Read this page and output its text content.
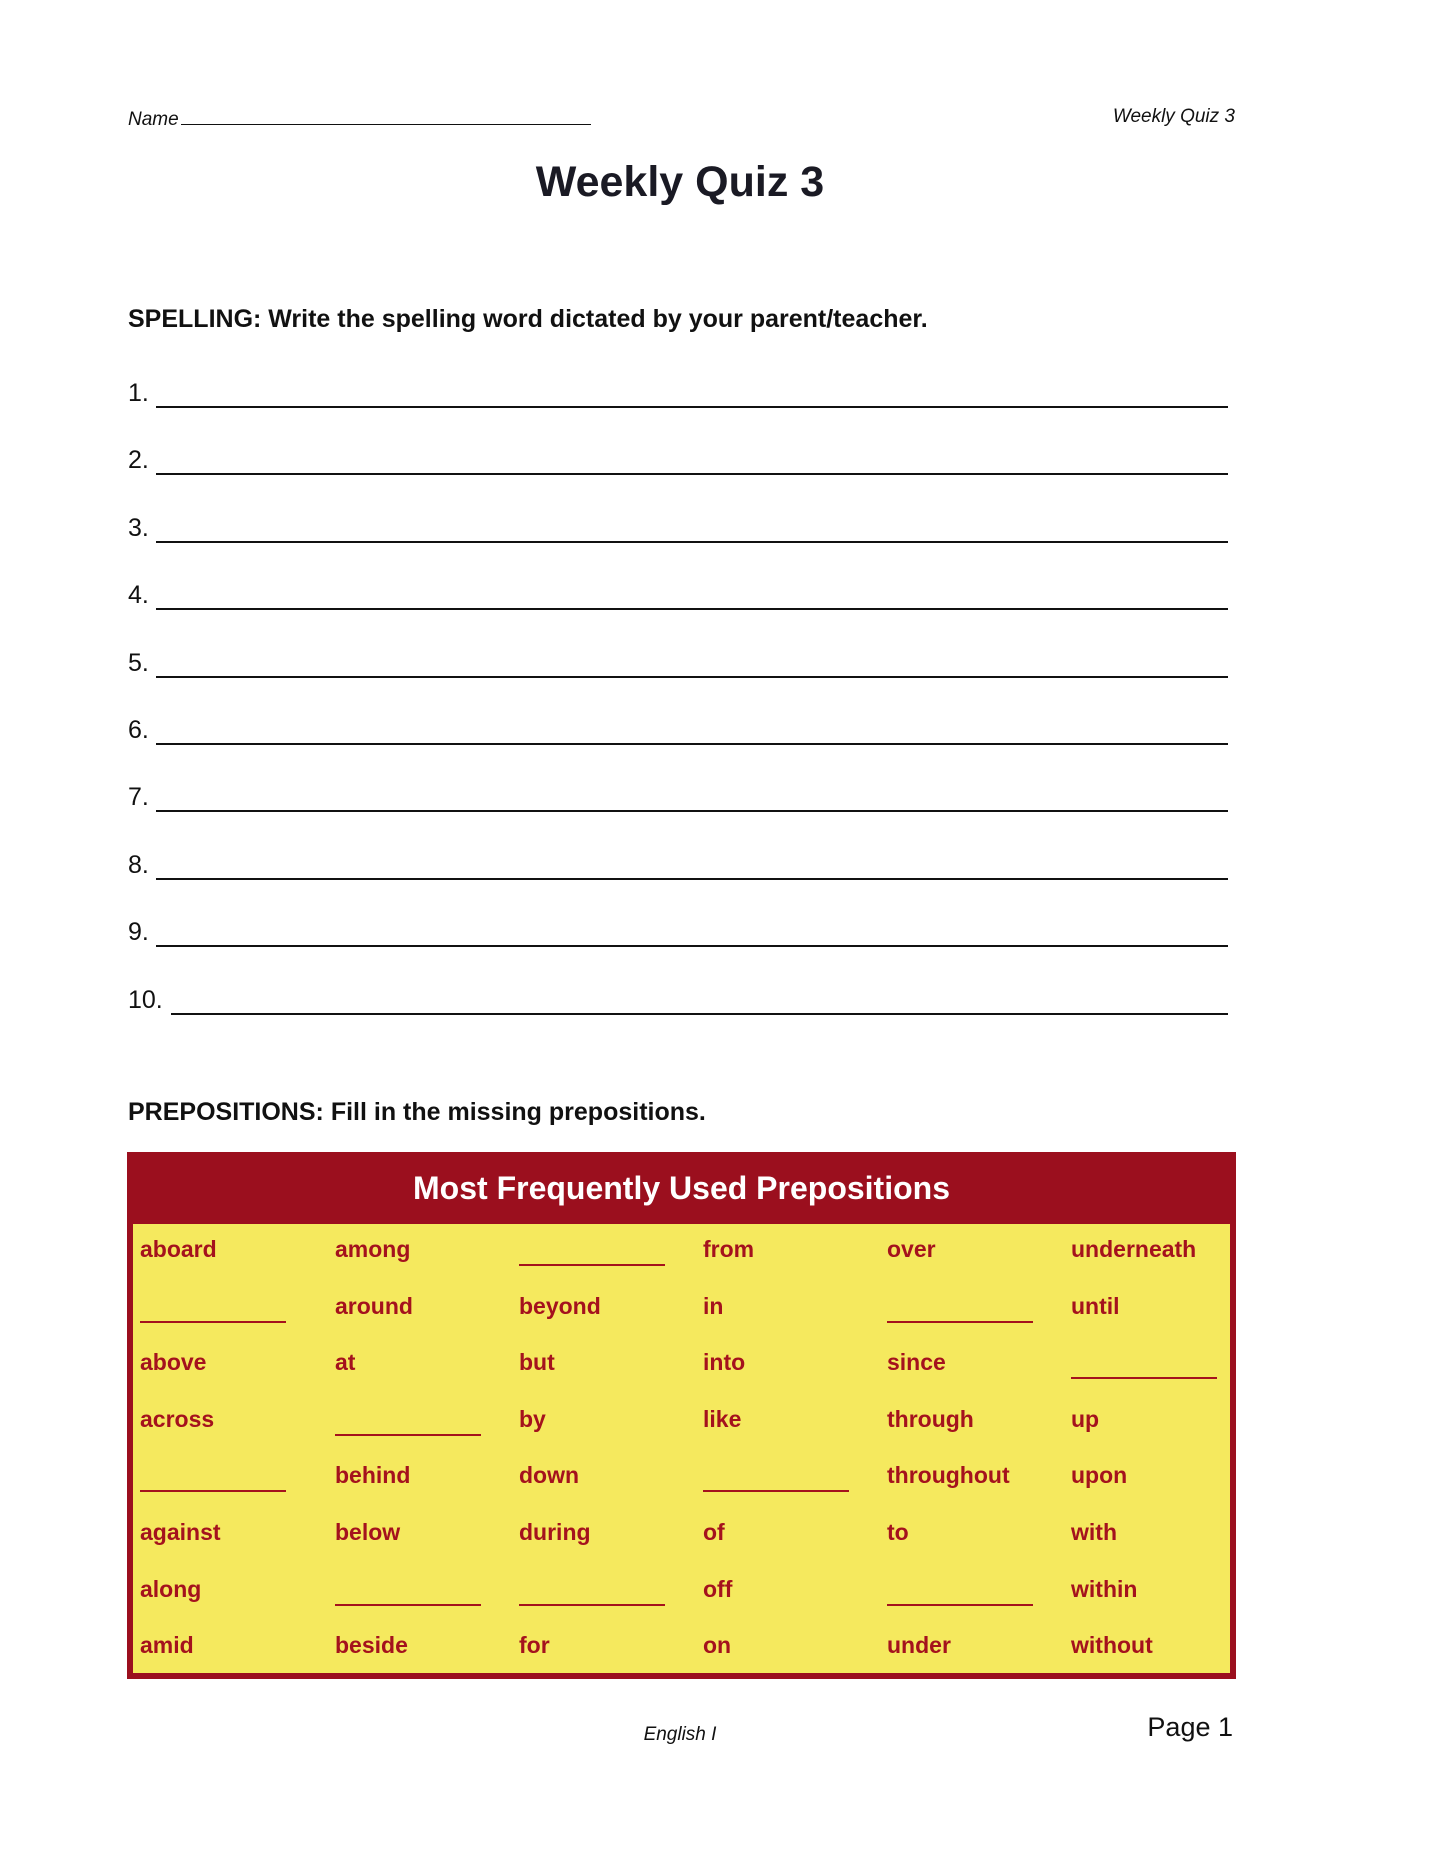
Name	Weekly Quiz 3
Weekly Quiz 3
SPELLING: Write the spelling word dictated by your parent/teacher.
1.
2.
3.
4.
5.
6.
7.
8.
9.
10.
PREPOSITIONS: Fill in the missing prepositions.
Most Frequently Used Prepositions
aboard
above
across
against
along
amid
among
around
at
behind
below
beside
beyond
but
by
down
during
for
from
in
into
like
of
off
on
over
since
through
throughout
to
under
underneath
until
up
upon
with
within
without
English I	Page 1
